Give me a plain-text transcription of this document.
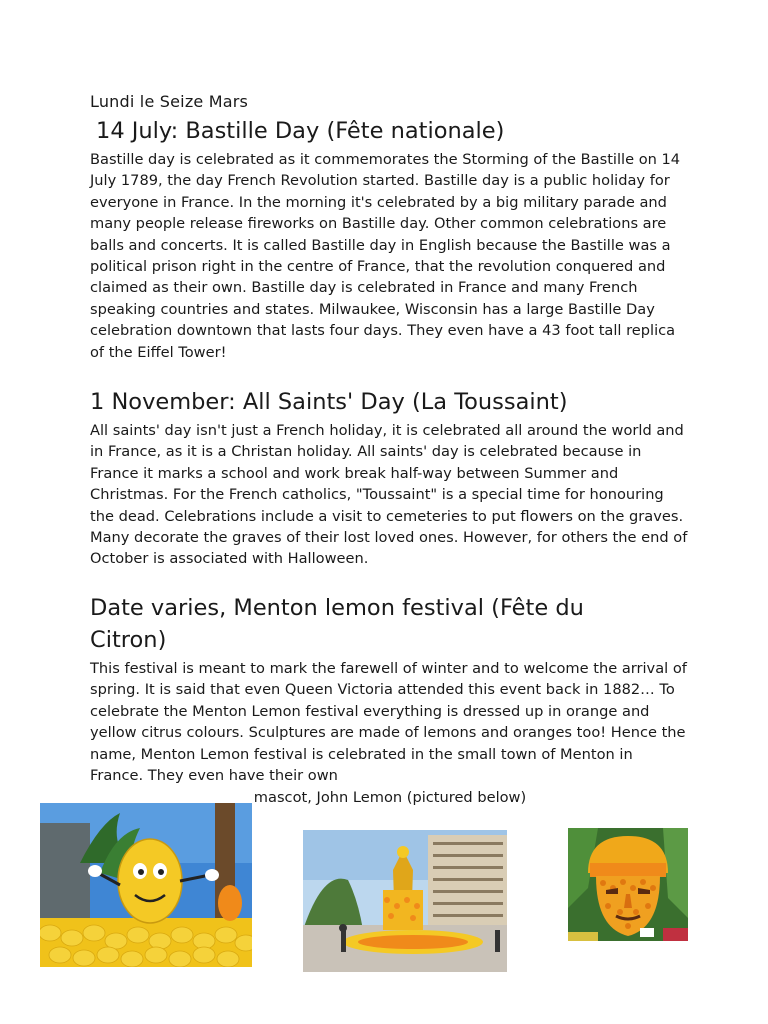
Lundi le Seize Mars
14 July: Bastille Day (Fête nationale)

Bastille day is celebrated as it commemorates the Storming of the Bastille on 14 July 1789, the day French Revolution started. Bastille day is a public holiday for everyone in France. In the morning it's celebrated by a big military parade and many people release fireworks on Bastille day. Other common celebrations are balls and concerts. It is called Bastille day in English because the Bastille was a political prison right in the centre of France, that the revolution conquered and claimed as their own. Bastille day is celebrated in France and many French speaking countries and states. Milwaukee, Wisconsin has a large Bastille Day celebration downtown that lasts four days. They even have a 43 foot tall replica of the Eiffel Tower!

1 November: All Saints' Day (La Toussaint)

All saints' day isn't just a French holiday, it is celebrated all around the world and in France, as it is a Christan holiday. All saints' day is celebrated because in France it marks a school and work break half-way between Summer and Christmas. For the French catholics, "Toussaint" is a special time for honouring the dead. Celebrations include a visit to cemeteries to put flowers on the graves. Many decorate the graves of their lost loved ones. However, for others the end of October is associated with Halloween.

Date varies, Menton lemon festival (Fête du Citron)

This festival is meant to mark the farewell of winter and to welcome the arrival of spring. It is said that even Queen Victoria attended this event back in 1882… To celebrate the Menton Lemon festival everything is dressed up in orange and yellow citrus colours. Sculptures are made of lemons and oranges too! Hence the name, Menton Lemon festival is celebrated in the small town of Menton in France. They even have their own

mascot, John Lemon (pictured below)
